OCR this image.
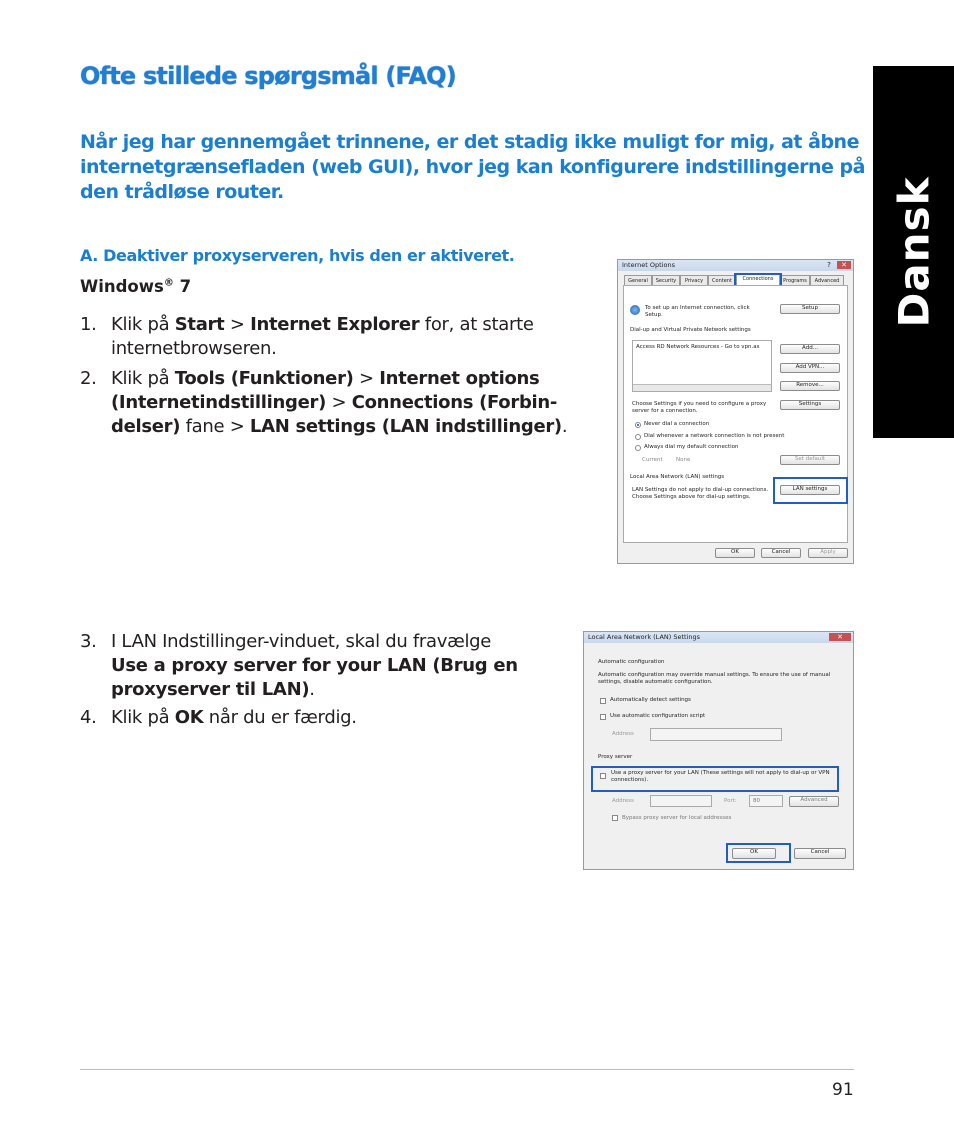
Ofte stillede spørgsmål (FAQ)
Når jeg har gennemgået trinnene, er det stadig ikke muligt for mig, at åbne internetgrænsefladen (web GUI), hvor jeg kan konfigurere indstillingerne på den trådløse router.	Dansk
A. Deaktiver proxyserveren, hvis den er aktiveret.
Windows® 7
1. Klik på Start > Internet Explorer for, at starte
internetbrowseren.
2. Klik på Tools (Funktioner) > Internet options
(Internetindstillinger) > Connections (Forbin-
delser) fane > LAN settings (LAN indstillinger).
3. I LAN Indstillinger-vinduet, skal du fravælge
Use a proxy server for your LAN (Brug en
proxyserver til LAN).
4. Klik på OK når du er færdig.
Internet Options	?	✕
General	Security	Privacy	Content	Connections	Programs	Advanced
To set up an Internet connection, click Setup.
Setup
Dial-up and Virtual Private Network settings
Access RD Network Resources - Go to vpn.as	Add...
Add VPN...
Remove...
Choose Settings if you need to configure a proxy server for a connection.
Settings
Never dial a connection
Dial whenever a network connection is not present
Always dial my default connection
Current None	Set default
Local Area Network (LAN) settings
LAN Settings do not apply to dial-up connections. Choose Settings above for dial-up settings.
LAN settings
OK	Cancel	Apply
Local Area Network (LAN) Settings	✕
Automatic configuration
Automatic configuration may override manual settings. To ensure the use of manual settings, disable automatic configuration.
Automatically detect settings
Use automatic configuration script
Address
Proxy server
Use a proxy server for your LAN (These settings will not apply to dial-up or VPN connections).
Address	Port:	80	Advanced
Bypass proxy server for local addresses
OK	Cancel
91
